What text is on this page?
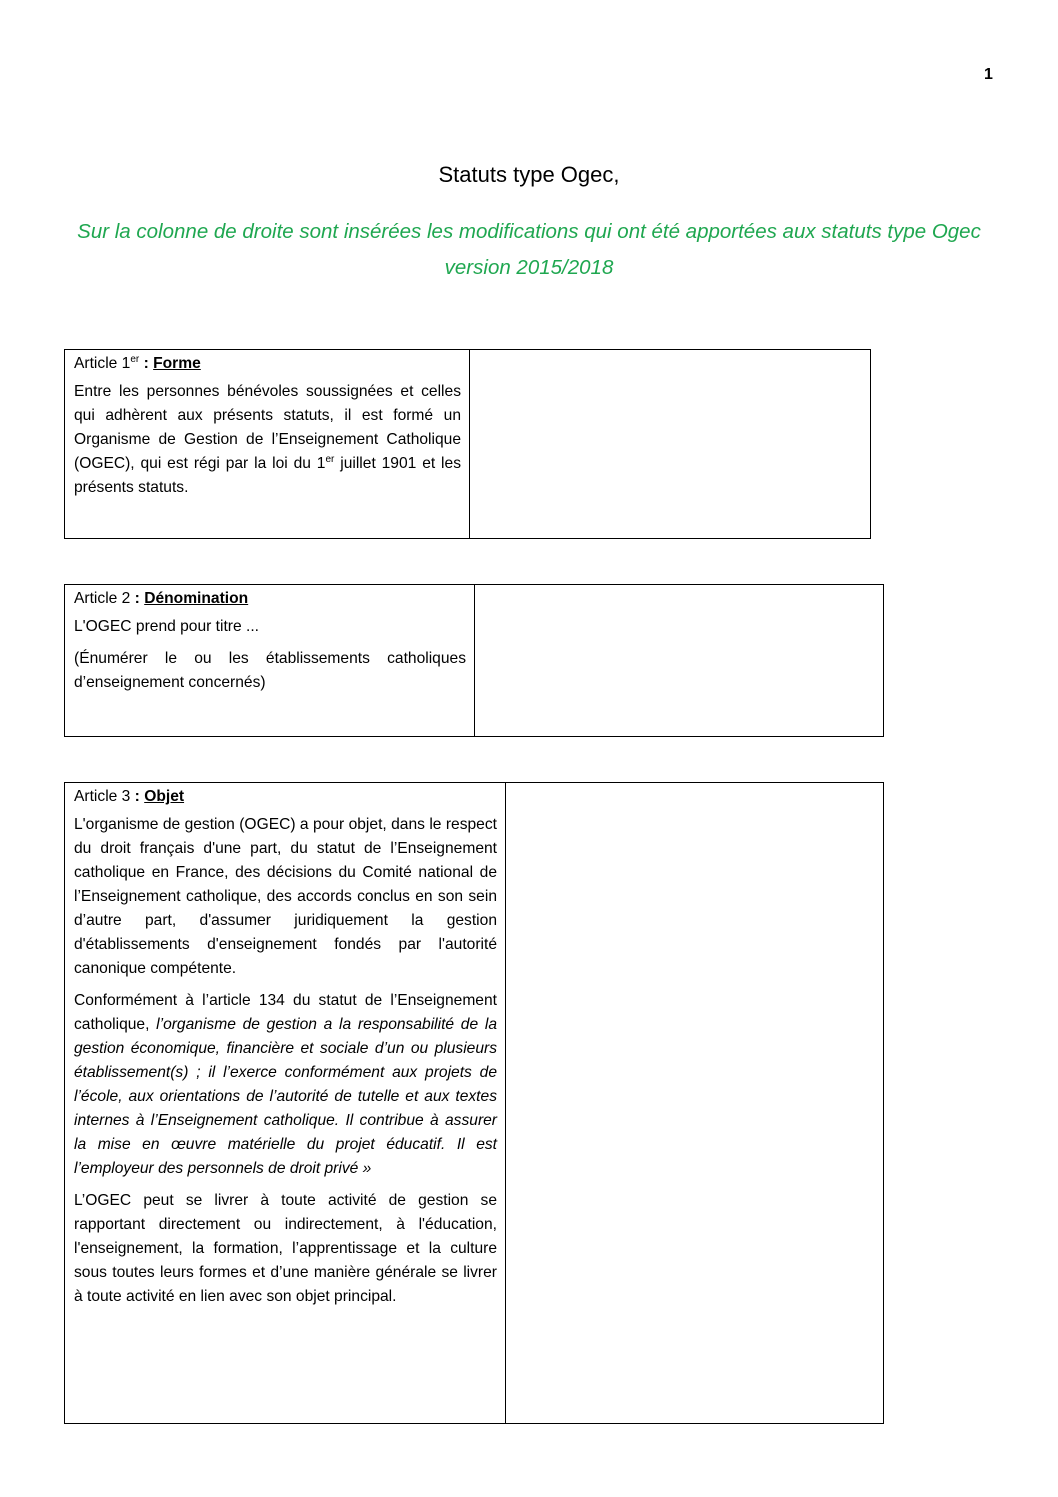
1
Statuts type Ogec,
Sur la colonne de droite sont insérées les modifications qui ont été apportées aux statuts type Ogec version 2015/2018
Article 1er : Forme
Entre les personnes bénévoles soussignées et celles qui adhèrent aux présents statuts, il est formé un Organisme de Gestion de l’Enseignement Catholique (OGEC), qui est régi par la loi du 1er juillet 1901 et les présents statuts.

Article 2 : Dénomination
L'OGEC prend pour titre ...
(Énumérer le ou les établissements catholiques d’enseignement concernés)

Article 3 : Objet
L'organisme de gestion (OGEC) a pour objet, dans le respect du droit français d'une part, du statut de l’Enseignement catholique en France, des décisions du Comité national de l’Enseignement catholique, des accords conclus en son sein d’autre part, d'assumer juridiquement la gestion d'établissements d'enseignement fondés par l'autorité canonique compétente.
Conformément à l’article 134 du statut de l’Enseignement catholique, l’organisme de gestion a la responsabilité de la gestion économique, financière et sociale d’un ou plusieurs établissement(s) ; il l’exerce conformément aux projets de l’école, aux orientations de l’autorité de tutelle et aux textes internes à l’Enseignement catholique. Il contribue à assurer la mise en œuvre matérielle du projet éducatif. Il est l’employeur des personnels de droit privé »
L’OGEC peut se livrer à toute activité de gestion se rapportant directement ou indirectement, à l'éducation, l'enseignement, la formation, l’apprentissage et la culture sous toutes leurs formes et d’une manière générale se livrer à toute activité en lien avec son objet principal.
